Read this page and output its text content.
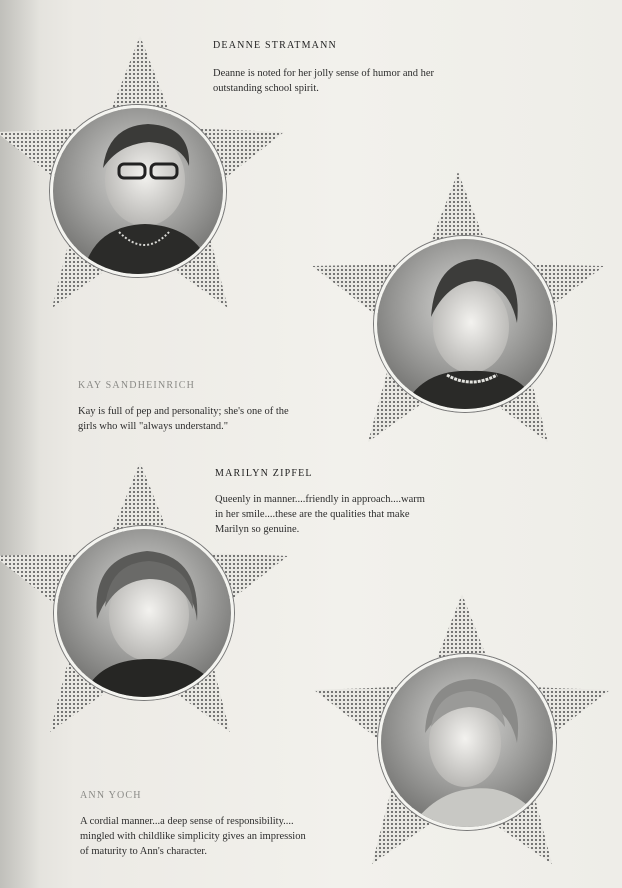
DEANNE STRATMANN

Deanne is noted for her jolly sense of humor and her
outstanding school spirit.

KAY SANDHEINRICH

Kay is full of pep and personality; she's one of the
girls who will "always understand."

MARILYN ZIPFEL

Queenly in manner....friendly in approach....warm
in her smile....these are the qualities that make
Marilyn so genuine.

ANN YOCH

A cordial manner...a deep sense of responsibility....
mingled with childlike simplicity gives an impression
of maturity to Ann's character.
